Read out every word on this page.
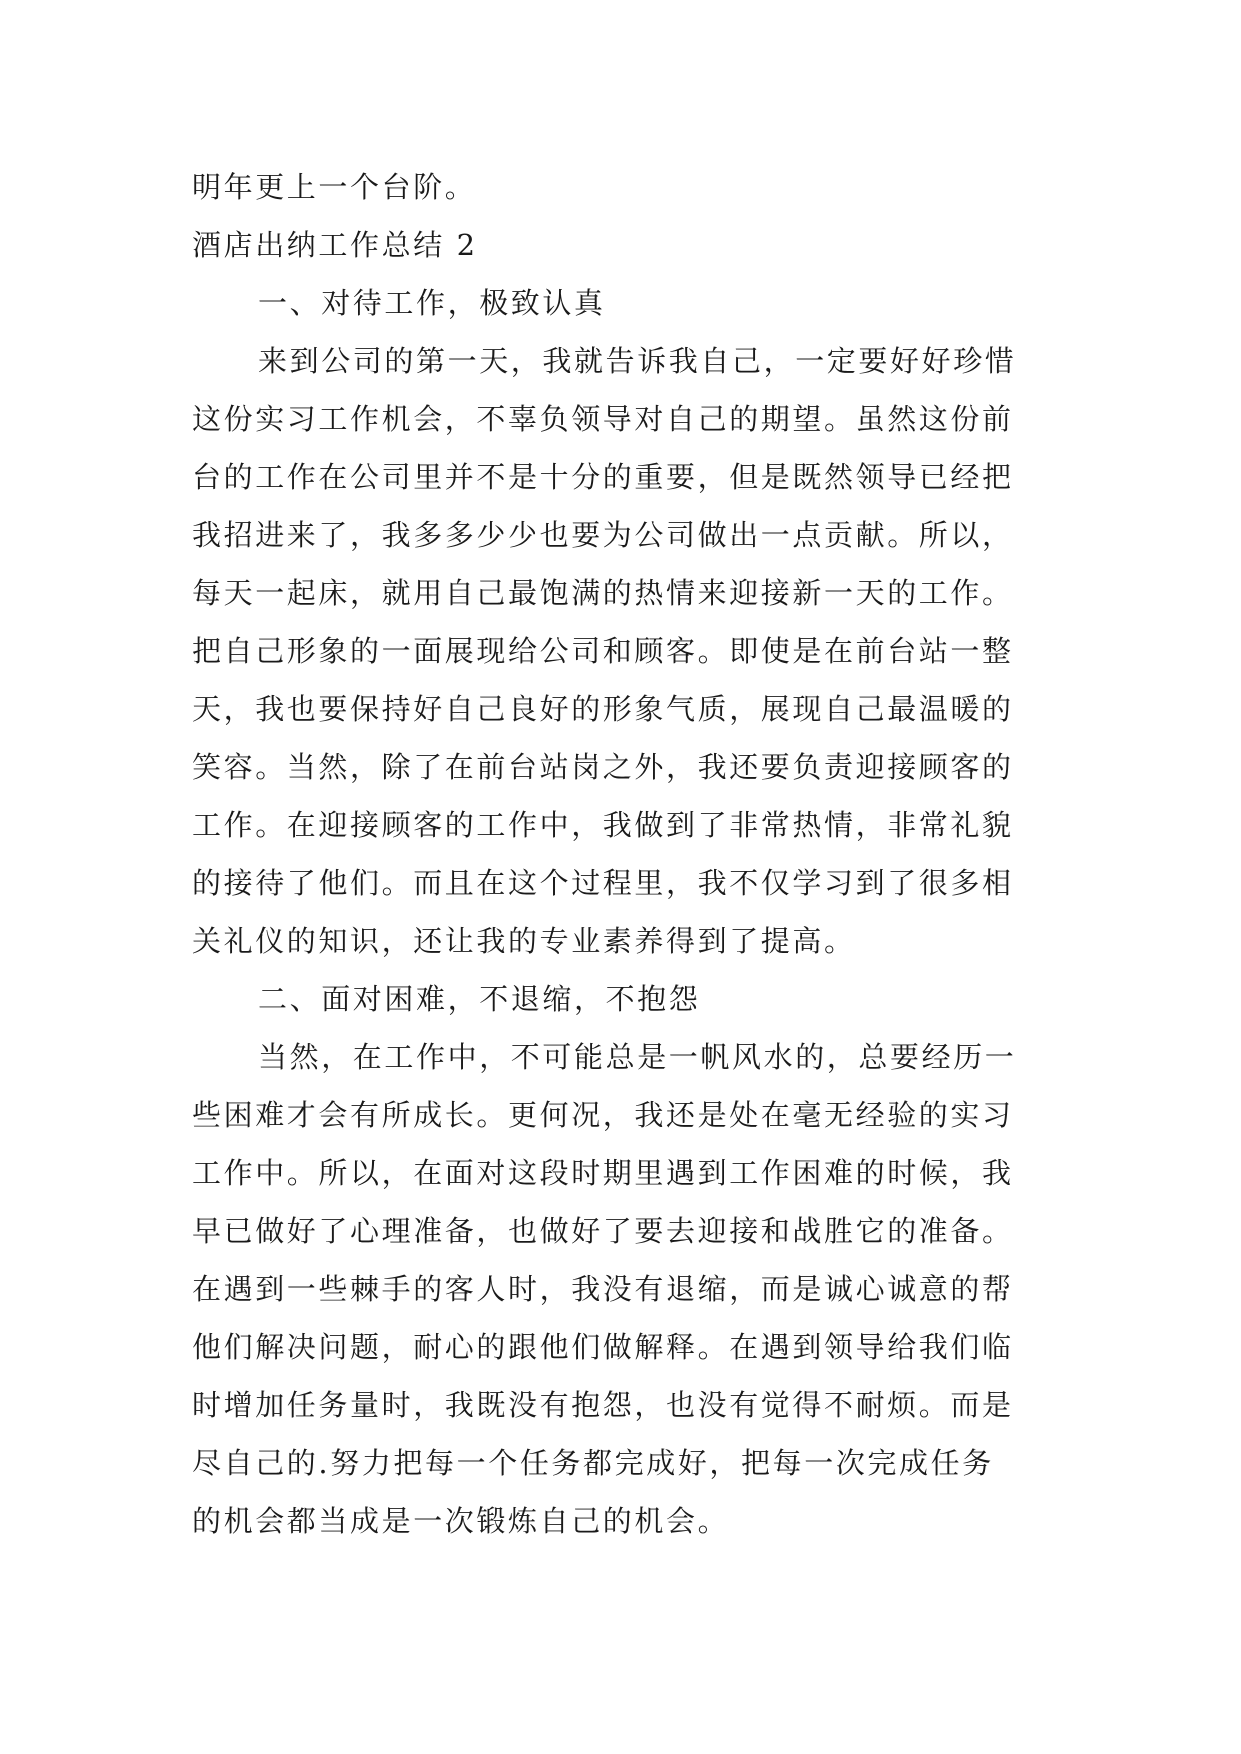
明年更上一个台阶。
酒店出纳工作总结 2
一、对待工作，极致认真
来到公司的第一天，我就告诉我自己，一定要好好珍惜
这份实习工作机会，不辜负领导对自己的期望。虽然这份前
台的工作在公司里并不是十分的重要，但是既然领导已经把
我招进来了，我多多少少也要为公司做出一点贡献。所以，
每天一起床，就用自己最饱满的热情来迎接新一天的工作。
把自己形象的一面展现给公司和顾客。即使是在前台站一整
天，我也要保持好自己良好的形象气质，展现自己最温暖的
笑容。当然，除了在前台站岗之外，我还要负责迎接顾客的
工作。在迎接顾客的工作中，我做到了非常热情，非常礼貌
的接待了他们。而且在这个过程里，我不仅学习到了很多相
关礼仪的知识，还让我的专业素养得到了提高。
二、面对困难，不退缩，不抱怨
当然，在工作中，不可能总是一帆风水的，总要经历一
些困难才会有所成长。更何况，我还是处在毫无经验的实习
工作中。所以，在面对这段时期里遇到工作困难的时候，我
早已做好了心理准备，也做好了要去迎接和战胜它的准备。
在遇到一些棘手的客人时，我没有退缩，而是诚心诚意的帮
他们解决问题，耐心的跟他们做解释。在遇到领导给我们临
时增加任务量时，我既没有抱怨，也没有觉得不耐烦。而是
尽自己的.努力把每一个任务都完成好，把每一次完成任务
的机会都当成是一次锻炼自己的机会。
